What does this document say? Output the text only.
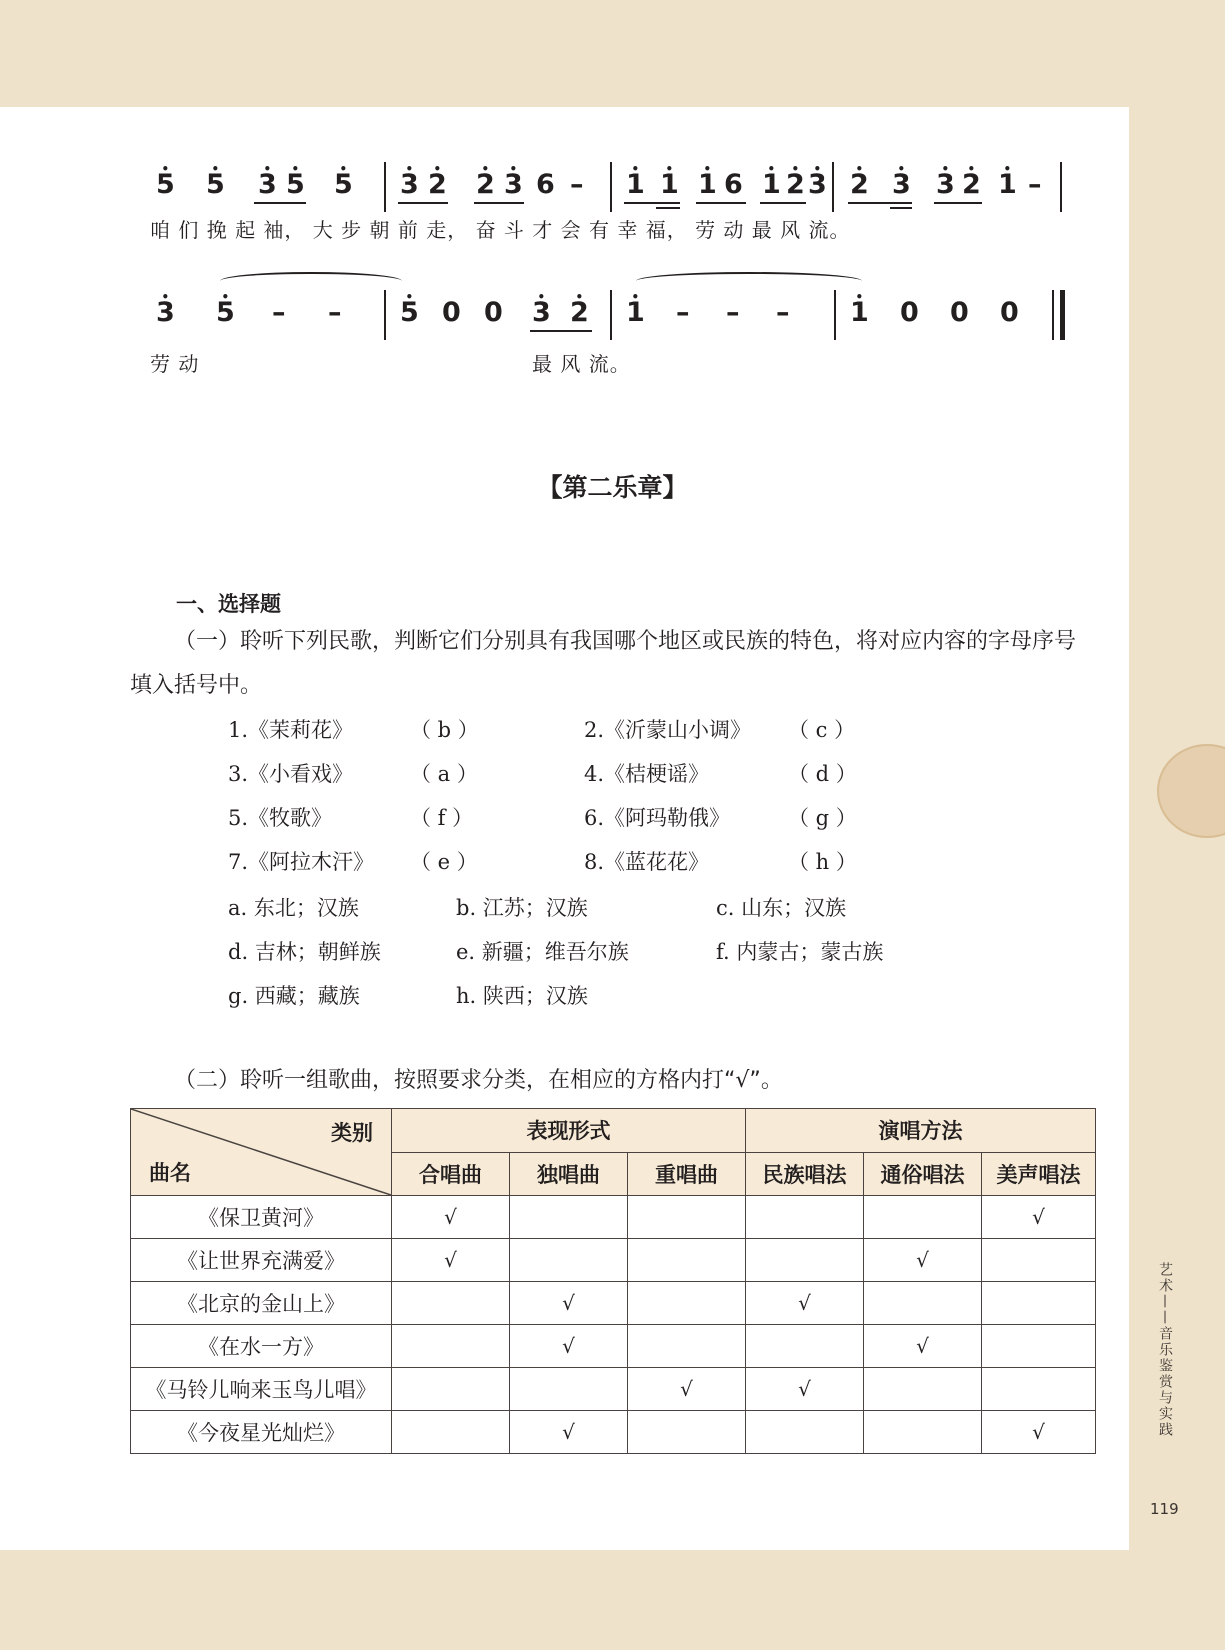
• 5 • 5 • 3 • 5 • 5 • 3 • 2 • 2 • 3 6 – • 1 • 1 • 1 6 • 1 • 2 • 3 • 2 • 3 • 3 • 2 • 1 –
咱 们 挽 起 袖， 大 步 朝 前 走， 奋 斗 才 会 有 幸 福， 劳 动 最 风 流。
• 3 • 5 – – • 5 0 0 • 3 • 2 • 1 – – – • 1 0 0 0
劳 动	最 风 流。
【第二乐章】
一、选择题
（一）聆听下列民歌，判断它们分别具有我国哪个地区或民族的特色，将对应内容的字母序号填入括号中。
1.《茉莉花》	（ b ）	2.《沂蒙山小调》 （ c ）
3.《小看戏》	（ a ）	4.《桔梗谣》	（ d ）
5.《牧歌》	（ f ）	6.《阿玛勒俄》	（ g ）
7.《阿拉木汗》 （ e ）	8.《蓝花花》	（ h ）
a. 东北；汉族	b. 江苏；汉族	c. 山东；汉族
d. 吉林；朝鲜族	e. 新疆；维吾尔族	f. 内蒙古；蒙古族
g. 西藏；藏族	h. 陕西；汉族
（二）聆听一组歌曲，按照要求分类，在相应的方格内打“√”。
类别
曲名	表现形式			演唱方法		
	合唱曲	独唱曲	重唱曲	民族唱法	通俗唱法	美声唱法
《保卫黄河》	√					√
《让世界充满爱》	√				√	
《北京的金山上》		√		√		
《在水一方》		√			√	
《马铃儿响来玉鸟儿唱》			√	√		
《今夜星光灿烂》		√				√	艺术——音乐鉴赏与实践
119
